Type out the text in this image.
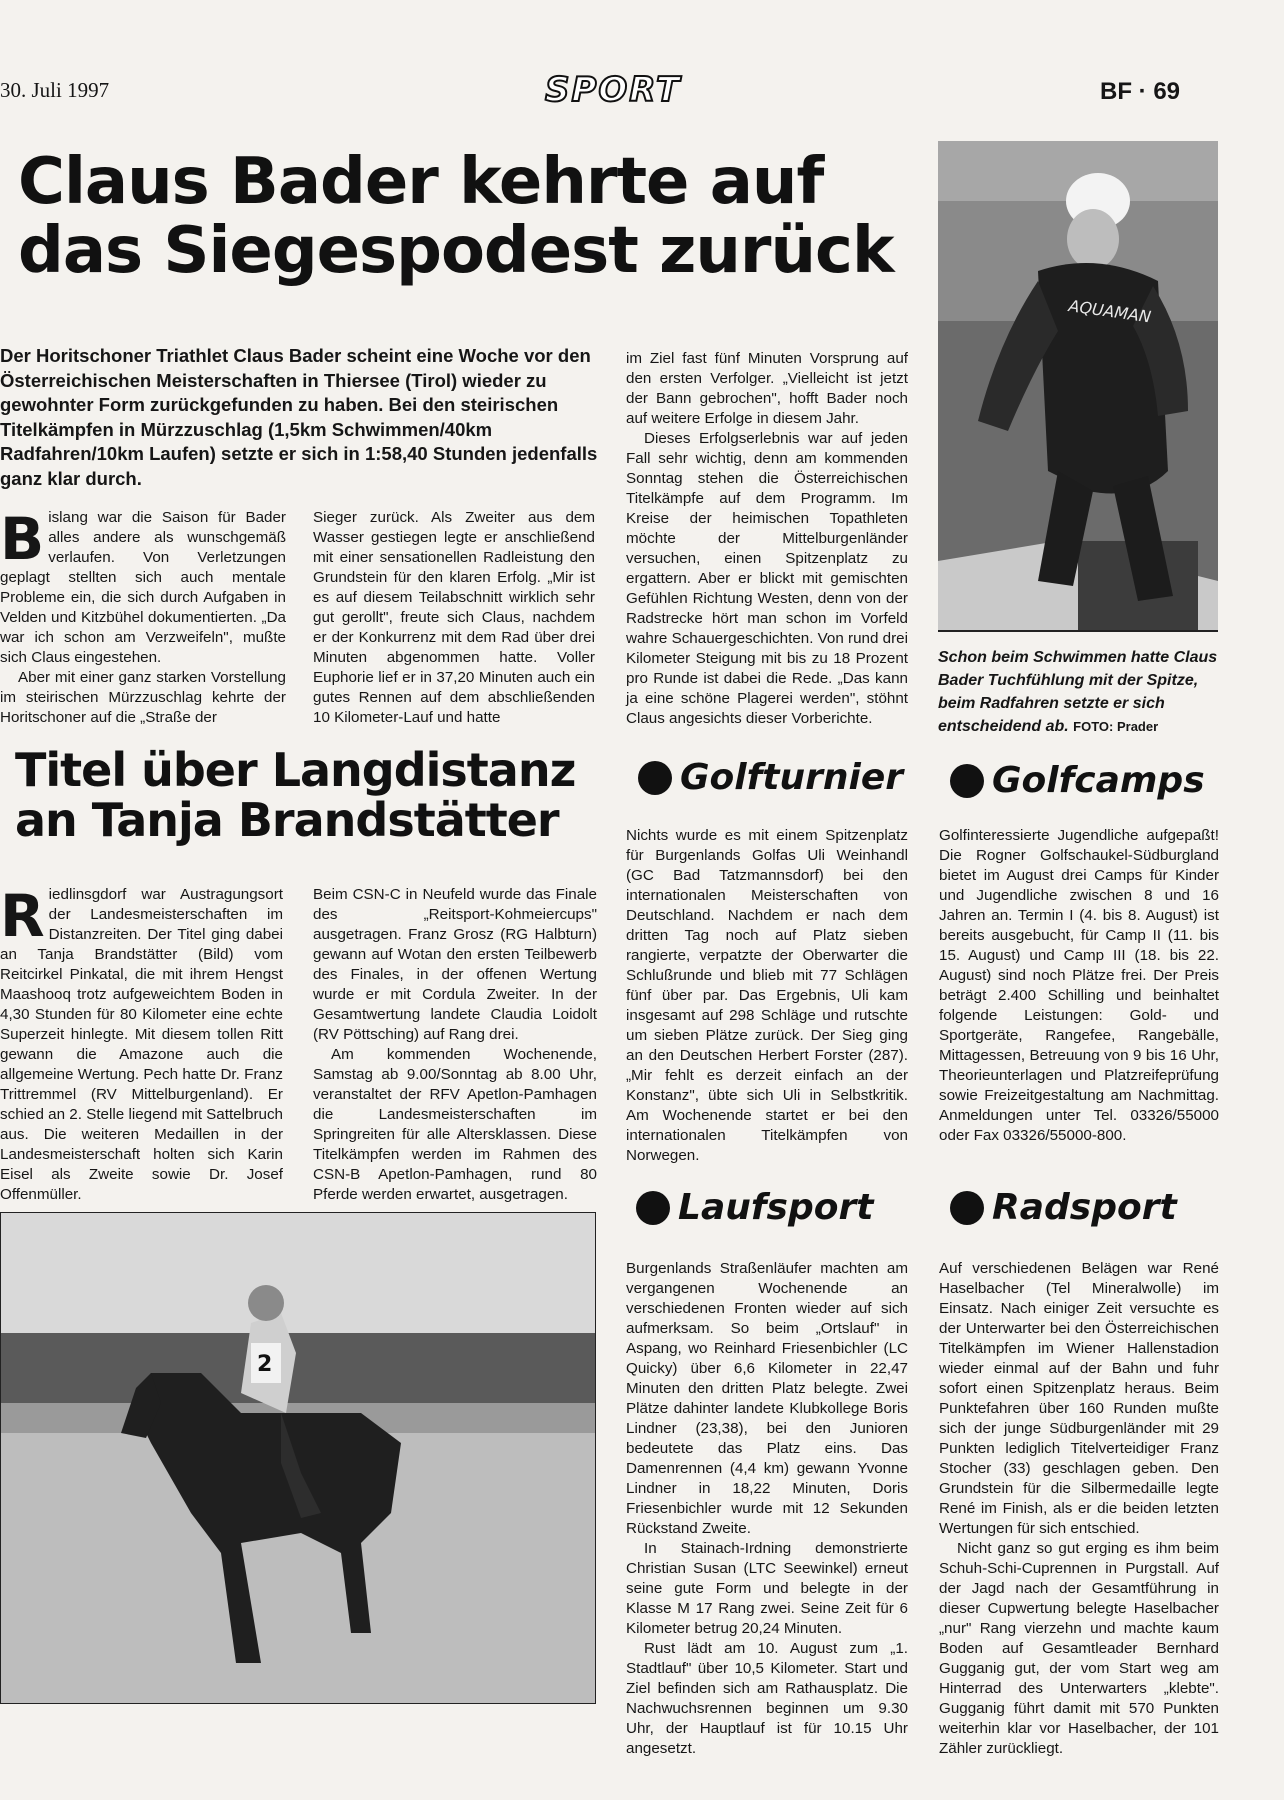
30. Juli 1997	SPORT	BF · 69
Claus Bader kehrte auf
das Siegespodest zurück
Der Horitschoner Triathlet Claus Bader scheint eine Woche vor den Österreichischen Meisterschaften in Thiersee (Tirol) wieder zu gewohnter Form zurückgefunden zu haben. Bei den steirischen Titelkämpfen in Mürzzuschlag (1,5km Schwimmen/40km Radfahren/10km Laufen) setzte er sich in 1:58,40 Stunden jedenfalls ganz klar durch.

Bislang war die Saison für Bader alles andere als wunschgemäß verlaufen. Von Verletzungen geplagt stellten sich auch mentale Probleme ein, die sich durch Aufgaben in Velden und Kitzbühel dokumentierten. „Da war ich schon am Verzweifeln", mußte sich Claus eingestehen.

Aber mit einer ganz starken Vorstellung im steirischen Mürzzuschlag kehrte der Horitschoner auf die „Straße der

Sieger zurück. Als Zweiter aus dem Wasser gestiegen legte er anschließend mit einer sensationellen Radleistung den Grundstein für den klaren Erfolg. „Mir ist es auf diesem Teilabschnitt wirklich sehr gut gerollt", freute sich Claus, nachdem er der Konkurrenz mit dem Rad über drei Minuten abgenommen hatte. Voller Euphorie lief er in 37,20 Minuten auch ein gutes Rennen auf dem abschließenden 10 Kilometer-Lauf und hatte

im Ziel fast fünf Minuten Vorsprung auf den ersten Verfolger. „Vielleicht ist jetzt der Bann gebrochen", hofft Bader noch auf weitere Erfolge in diesem Jahr.

Dieses Erfolgserlebnis war auf jeden Fall sehr wichtig, denn am kommenden Sonntag stehen die Österreichischen Titelkämpfe auf dem Programm. Im Kreise der heimischen Topathleten möchte der Mittelburgenländer versuchen, einen Spitzenplatz zu ergattern. Aber er blickt mit gemischten Gefühlen Richtung Westen, denn von der Radstrecke hört man schon im Vorfeld wahre Schauergeschichten. Von rund drei Kilometer Steigung mit bis zu 18 Prozent pro Runde ist dabei die Rede. „Das kann ja eine schöne Plagerei werden", stöhnt Claus angesichts dieser Vorberichte.

AQUAMAN
Schon beim Schwimmen hatte Claus Bader Tuchfühlung mit der Spitze, beim Radfahren setzte er sich entscheidend ab. FOTO: Prader
Titel über Langdistanz
an Tanja Brandstätter

Riedlinsgdorf war Austragungsort der Landesmeisterschaften im Distanzreiten. Der Titel ging dabei an Tanja Brandstätter (Bild) vom Reitcirkel Pinkatal, die mit ihrem Hengst Maashooq trotz aufgeweichtem Boden in 4,30 Stunden für 80 Kilometer eine echte Superzeit hinlegte. Mit diesem tollen Ritt gewann die Amazone auch die allgemeine Wertung. Pech hatte Dr. Franz Trittremmel (RV Mittelburgenland). Er schied an 2. Stelle liegend mit Sattelbruch aus. Die weiteren Medaillen in der Landesmeisterschaft holten sich Karin Eisel als Zweite sowie Dr. Josef Offenmüller.

Beim CSN-C in Neufeld wurde das Finale des „Reitsport-Kohmeiercups" ausgetragen. Franz Grosz (RG Halbturn) gewann auf Wotan den ersten Teilbewerb des Finales, in der offenen Wertung wurde er mit Cordula Zweiter. In der Gesamtwertung landete Claudia Loidolt (RV Pöttsching) auf Rang drei.

Am kommenden Wochenende, Samstag ab 9.00/Sonntag ab 8.00 Uhr, veranstaltet der RFV Apetlon-Pamhagen die Landesmeisterschaften im Springreiten für alle Altersklassen. Diese Titelkämpfen werden im Rahmen des CSN-B Apetlon-Pamhagen, rund 80 Pferde werden erwartet, ausgetragen.

2
Golfturnier

Nichts wurde es mit einem Spitzenplatz für Burgenlands Golfas Uli Weinhandl (GC Bad Tatzmannsdorf) bei den internationalen Meisterschaften von Deutschland. Nachdem er nach dem dritten Tag noch auf Platz sieben rangierte, verpatzte der Oberwarter die Schlußrunde und blieb mit 77 Schlägen fünf über par. Das Ergebnis, Uli kam insgesamt auf 298 Schläge und rutschte um sieben Plätze zurück. Der Sieg ging an den Deutschen Herbert Forster (287). „Mir fehlt es derzeit einfach an der Konstanz", übte sich Uli in Selbstkritik. Am Wochenende startet er bei den internationalen Titelkämpfen von Norwegen.

Golfcamps

Golfinteressierte Jugendliche aufgepaßt! Die Rogner Golfschaukel-Südburgland bietet im August drei Camps für Kinder und Jugendliche zwischen 8 und 16 Jahren an. Termin I (4. bis 8. August) ist bereits ausgebucht, für Camp II (11. bis 15. August) und Camp III (18. bis 22. August) sind noch Plätze frei. Der Preis beträgt 2.400 Schilling und beinhaltet folgende Leistungen: Gold- und Sportgeräte, Rangefee, Rangebälle, Mittagessen, Betreuung von 9 bis 16 Uhr, Theorieunterlagen und Platzreifeprüfung sowie Freizeitgestaltung am Nachmittag. Anmeldungen unter Tel. 03326/55000 oder Fax 03326/55000-800.

Laufsport

Burgenlands Straßenläufer machten am vergangenen Wochenende an verschiedenen Fronten wieder auf sich aufmerksam. So beim „Ortslauf" in Aspang, wo Reinhard Friesenbichler (LC Quicky) über 6,6 Kilometer in 22,47 Minuten den dritten Platz belegte. Zwei Plätze dahinter landete Klubkollege Boris Lindner (23,38), bei den Junioren bedeutete das Platz eins. Das Damenrennen (4,4 km) gewann Yvonne Lindner in 18,22 Minuten, Doris Friesenbichler wurde mit 12 Sekunden Rückstand Zweite.

In Stainach-Irdning demonstrierte Christian Susan (LTC Seewinkel) erneut seine gute Form und belegte in der Klasse M 17 Rang zwei. Seine Zeit für 6 Kilometer betrug 20,24 Minuten.

Rust lädt am 10. August zum „1. Stadtlauf" über 10,5 Kilometer. Start und Ziel befinden sich am Rathausplatz. Die Nachwuchsrennen beginnen um 9.30 Uhr, der Hauptlauf ist für 10.15 Uhr angesetzt.

Radsport

Auf verschiedenen Belägen war René Haselbacher (Tel Mineralwolle) im Einsatz. Nach einiger Zeit versuchte es der Unterwarter bei den Österreichischen Titelkämpfen im Wiener Hallenstadion wieder einmal auf der Bahn und fuhr sofort einen Spitzenplatz heraus. Beim Punktefahren über 160 Runden mußte sich der junge Südburgenländer mit 29 Punkten lediglich Titelverteidiger Franz Stocher (33) geschlagen geben. Den Grundstein für die Silbermedaille legte René im Finish, als er die beiden letzten Wertungen für sich entschied.

Nicht ganz so gut erging es ihm beim Schuh-Schi-Cuprennen in Purgstall. Auf der Jagd nach der Gesamtführung in dieser Cupwertung belegte Haselbacher „nur" Rang vierzehn und machte kaum Boden auf Gesamtleader Bernhard Gugganig gut, der vom Start weg am Hinterrad des Unterwarters „klebte". Gugganig führt damit mit 570 Punkten weiterhin klar vor Haselbacher, der 101 Zähler zurückliegt.
